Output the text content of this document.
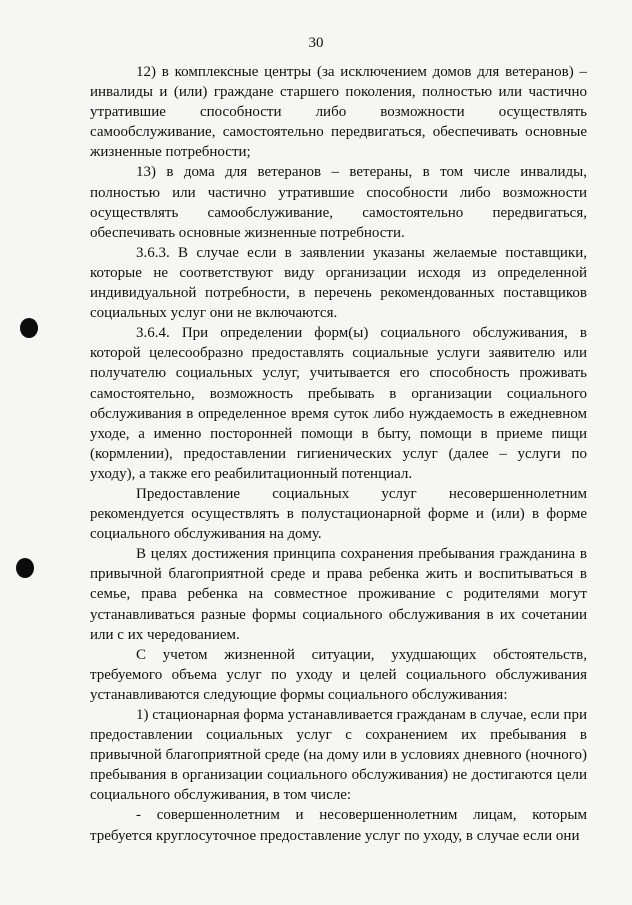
30

12) в комплексные центры (за исключением домов для ветеранов) – инвалиды и (или) граждане старшего поколения, полностью или частично утратившие способности либо возможности осуществлять самообслуживание, самостоятельно передвигаться, обеспечивать основные жизненные потребности;

13) в дома для ветеранов – ветераны, в том числе инвалиды, полностью или частично утратившие способности либо возможности осуществлять самообслуживание, самостоятельно передвигаться, обеспечивать основные жизненные потребности.

3.6.3. В случае если в заявлении указаны желаемые поставщики, которые не соответствуют виду организации исходя из определенной индивидуальной потребности, в перечень рекомендованных поставщиков социальных услуг они не включаются.

3.6.4. При определении форм(ы) социального обслуживания, в которой целесообразно предоставлять социальные услуги заявителю или получателю социальных услуг, учитывается его способность проживать самостоятельно, возможность пребывать в организации социального обслуживания в определенное время суток либо нуждаемость в ежедневном уходе, а именно посторонней помощи в быту, помощи в приеме пищи (кормлении), предоставлении гигиенических услуг (далее – услуги по уходу), а также его реабилитационный потенциал.

Предоставление социальных услуг несовершеннолетним рекомендуется осуществлять в полустационарной форме и (или) в форме социального обслуживания на дому.

В целях достижения принципа сохранения пребывания гражданина в привычной благоприятной среде и права ребенка жить и воспитываться в семье, права ребенка на совместное проживание с родителями могут устанавливаться разные формы социального обслуживания в их сочетании или с их чередованием.

С учетом жизненной ситуации, ухудшающих обстоятельств, требуемого объема услуг по уходу и целей социального обслуживания устанавливаются следующие формы социального обслуживания:

1) стационарная форма устанавливается гражданам в случае, если при предоставлении социальных услуг с сохранением их пребывания в привычной благоприятной среде (на дому или в условиях дневного (ночного) пребывания в организации социального обслуживания) не достигаются цели социального обслуживания, в том числе:

- совершеннолетним и несовершеннолетним лицам, которым требуется круглосуточное предоставление услуг по уходу, в случае если они
